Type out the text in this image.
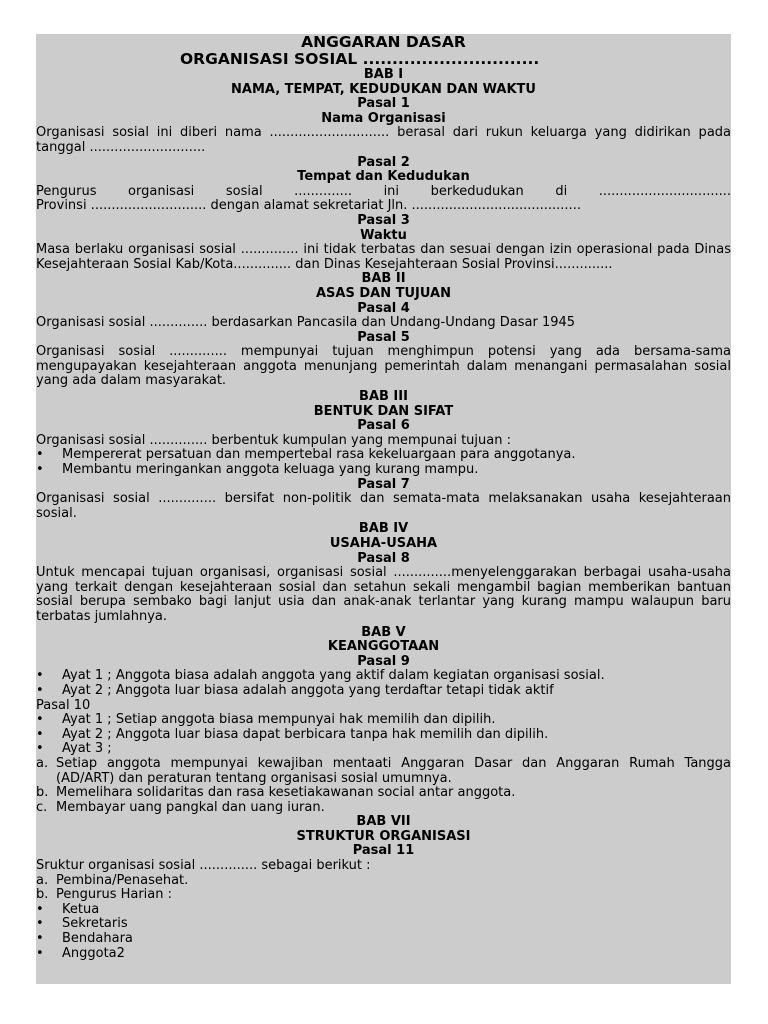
ANGGARAN DASAR
ORGANISASI SOSIAL ..............................
BAB I
NAMA, TEMPAT, KEDUDUKAN DAN WAKTU
Pasal 1
Nama Organisasi
Organisasi sosial ini diberi nama ............................. berasal dari rukun keluarga yang didirikan pada
tanggal ............................
Pasal 2
Tempat dan Kedudukan
Pengurus organisasi sosial .............. ini berkedudukan di ................................
Provinsi ............................ dengan alamat sekretariat Jln. .........................................
Pasal 3
Waktu
Masa berlaku organisasi sosial .............. ini tidak terbatas dan sesuai dengan izin operasional pada Dinas Kesejahteraan Sosial Kab/Kota.............. dan Dinas Kesejahteraan Sosial Provinsi..............
BAB II
ASAS DAN TUJUAN
Pasal 4
Organisasi sosial .............. berdasarkan Pancasila dan Undang-Undang Dasar 1945
Pasal 5
Organisasi sosial .............. mempunyai tujuan menghimpun potensi yang ada bersama-sama mengupayakan kesejahteraan anggota menunjang pemerintah dalam menangani permasalahan sosial yang ada dalam masyarakat.
BAB III
BENTUK DAN SIFAT
Pasal 6
Organisasi sosial .............. berbentuk kumpulan yang mempunai tujuan :
• Mempererat persatuan dan mempertebal rasa kekeluargaan para anggotanya.
• Membantu meringankan anggota keluaga yang kurang mampu.
Pasal 7
Organisasi sosial .............. bersifat non-politik dan semata-mata melaksanakan usaha kesejahteraan sosial.
BAB IV
USAHA-USAHA
Pasal 8
Untuk mencapai tujuan organisasi, organisasi sosial ..............menyelenggarakan berbagai usaha-usaha yang terkait dengan kesejahteraan sosial dan setahun sekali mengambil bagian memberikan bantuan sosial berupa sembako bagi lanjut usia dan anak-anak terlantar yang kurang mampu walaupun baru terbatas jumlahnya.
BAB V
KEANGGOTAAN
Pasal 9
• Ayat 1 ; Anggota biasa adalah anggota yang aktif dalam kegiatan organisasi sosial.
• Ayat 2 ; Anggota luar biasa adalah anggota yang terdaftar tetapi tidak aktif
Pasal 10
• Ayat 1 ; Setiap anggota biasa mempunyai hak memilih dan dipilih.
• Ayat 2 ; Anggota luar biasa dapat berbicara tanpa hak memilih dan dipilih.
• Ayat 3 ;
a. Setiap anggota mempunyai kewajiban mentaati Anggaran Dasar dan Anggaran Rumah Tangga (AD/ART) dan peraturan tentang organisasi sosial umumnya.
b. Memelihara solidaritas dan rasa kesetiakawanan social antar anggota.
c. Membayar uang pangkal dan uang iuran.
BAB VII
STRUKTUR ORGANISASI
Pasal 11
Sruktur organisasi sosial .............. sebagai berikut :
a. Pembina/Penasehat.
b. Pengurus Harian :
• Ketua
• Sekretaris
• Bendahara
• Anggota2
